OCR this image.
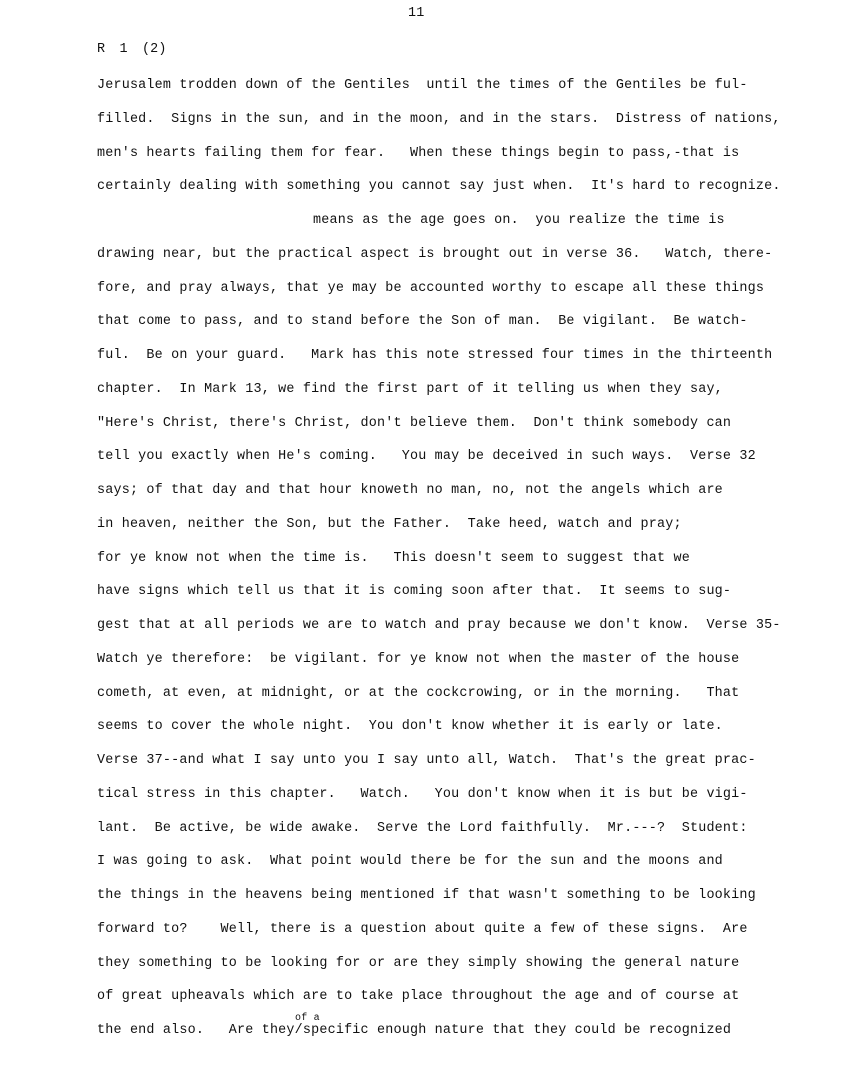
11
R 1 (2)
Jerusalem trodden down of the Gentiles  until the times of the Gentiles be ful-
filled.  Signs in the sun, and in the moon, and in the stars.  Distress of nations,
men's hearts failing them for fear.   When these things begin to pass,-that is
certainly dealing with something you cannot say just when.  It's hard to recognize.
means as the age goes on.  you realize the time is
drawing near, but the practical aspect is brought out in verse 36.   Watch, there-
fore, and pray always, that ye may be accounted worthy to escape all these things
that come to pass, and to stand before the Son of man.  Be vigilant.  Be watch-
ful.  Be on your guard.   Mark has this note stressed four times in the thirteenth
chapter.  In Mark 13, we find the first part of it telling us when they say,
"Here's Christ, there's Christ, don't believe them.  Don't think somebody can
tell you exactly when He's coming.   You may be deceived in such ways.  Verse 32
says; of that day and that hour knoweth no man, no, not the angels which are
in heaven, neither the Son, but the Father.  Take heed, watch and pray;
for ye know not when the time is.   This doesn't seem to suggest that we
have signs which tell us that it is coming soon after that.  It seems to sug-
gest that at all periods we are to watch and pray because we don't know.  Verse 35-
Watch ye therefore:  be vigilant. for ye know not when the master of the house
cometh, at even, at midnight, or at the cockcrowing, or in the morning.   That
seems to cover the whole night.  You don't know whether it is early or late.
Verse 37--and what I say unto you I say unto all, Watch.  That's the great prac-
tical stress in this chapter.   Watch.   You don't know when it is but be vigi-
lant.  Be active, be wide awake.  Serve the Lord faithfully.  Mr.---?  Student:
I was going to ask.  What point would there be for the sun and the moons and
the things in the heavens being mentioned if that wasn't something to be looking
forward to?    Well, there is a question about quite a few of these signs.  Are
they something to be looking for or are they simply showing the general nature
of great upheavals which are to take place throughout the age and of course at
the end also.   Are they/specific enough nature that they could be recognized
of a
